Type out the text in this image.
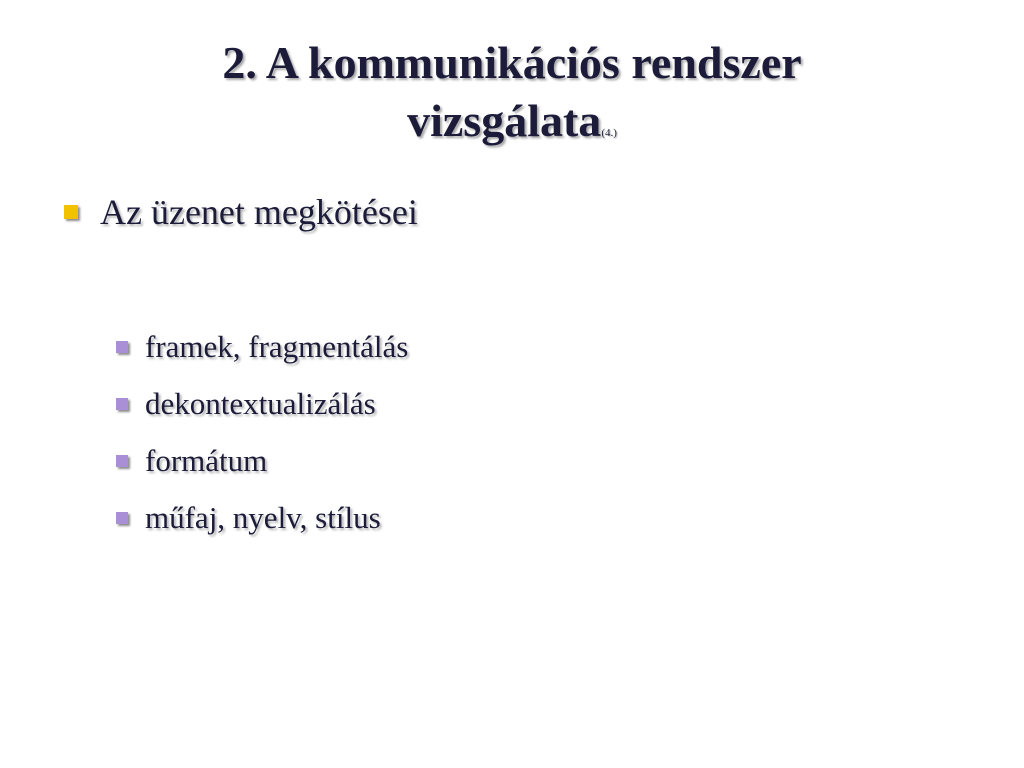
2. A kommunikációs rendszer
vizsgálata(4.)
Az üzenet megkötései
framek, fragmentálás
dekontextualizálás
formátum
műfaj, nyelv, stílus
